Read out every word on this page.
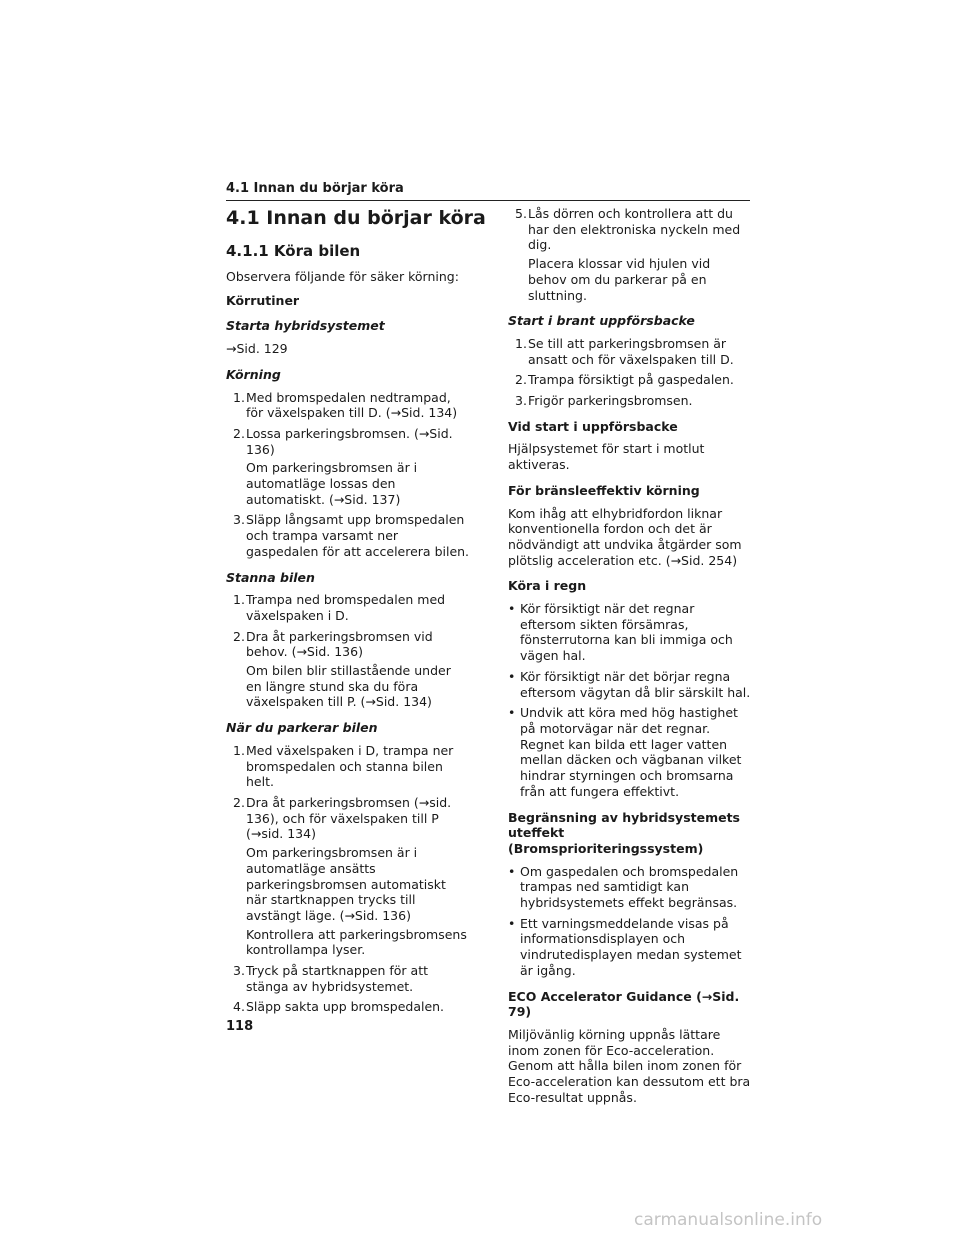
4.1 Innan du börjar köra
4.1 Innan du börjar köra
4.1.1 Köra bilen

Observera följande för säker körning:

Körrutiner
Starta hybridsystemet

→Sid. 129

Körning
1. Med bromspedalen nedtrampad, för växelspaken till D. (→Sid. 134)
2. Lossa parkeringsbromsen. (→Sid. 136)

Om parkeringsbromsen är i automatläge lossas den automatiskt. (→Sid. 137)

3. Släpp långsamt upp bromspedalen och trampa varsamt ner gaspedalen för att accelerera bilen.
Stanna bilen
1. Trampa ned bromspedalen med växelspaken i D.
2. Dra åt parkeringsbromsen vid behov. (→Sid. 136)

Om bilen blir stillastående under en längre stund ska du föra växelspaken till P. (→Sid. 134)

När du parkerar bilen
1. Med växelspaken i D, trampa ner bromspedalen och stanna bilen helt.
2. Dra åt parkeringsbromsen (→sid. 136), och för växelspaken till P (→sid. 134)

Om parkeringsbromsen är i automatläge ansätts parkeringsbromsen automatiskt när startknappen trycks till avstängt läge. (→Sid. 136)

Kontrollera att parkeringsbromsens kontrollampa lyser.

3. Tryck på startknappen för att stänga av hybridsystemet.
4. Släpp sakta upp bromspedalen.
5. Lås dörren och kontrollera att du har den elektroniska nyckeln med dig.

Placera klossar vid hjulen vid behov om du parkerar på en sluttning.

Start i brant uppförsbacke
1. Se till att parkeringsbromsen är ansatt och för växelspaken till D.
2. Trampa försiktigt på gaspedalen.
3. Frigör parkeringsbromsen.
Vid start i uppförsbacke

Hjälpsystemet för start i motlut aktiveras.

För bränsleeffektiv körning

Kom ihåg att elhybridfordon liknar konventionella fordon och det är nödvändigt att undvika åtgärder som plötslig acceleration etc. (→Sid. 254)

Köra i regn
• Kör försiktigt när det regnar eftersom sikten försämras, fönsterrutorna kan bli immiga och vägen hal.
• Kör försiktigt när det börjar regna eftersom vägytan då blir särskilt hal.
• Undvik att köra med hög hastighet på motorvägar när det regnar. Regnet kan bilda ett lager vatten mellan däcken och vägbanan vilket hindrar styrningen och bromsarna från att fungera effektivt.
Begränsning av hybridsystemets uteffekt (Bromsprioriteringssystem)
• Om gaspedalen och bromspedalen trampas ned samtidigt kan hybridsystemets effekt begränsas.
• Ett varningsmeddelande visas på informationsdisplayen och vindrutedisplayen medan systemet är igång.
ECO Accelerator Guidance (→Sid. 79)

Miljövänlig körning uppnås lättare inom zonen för Eco-acceleration. Genom att hålla bilen inom zonen för Eco-acceleration kan dessutom ett bra Eco-resultat uppnås.

118
carmanualsonline.info
